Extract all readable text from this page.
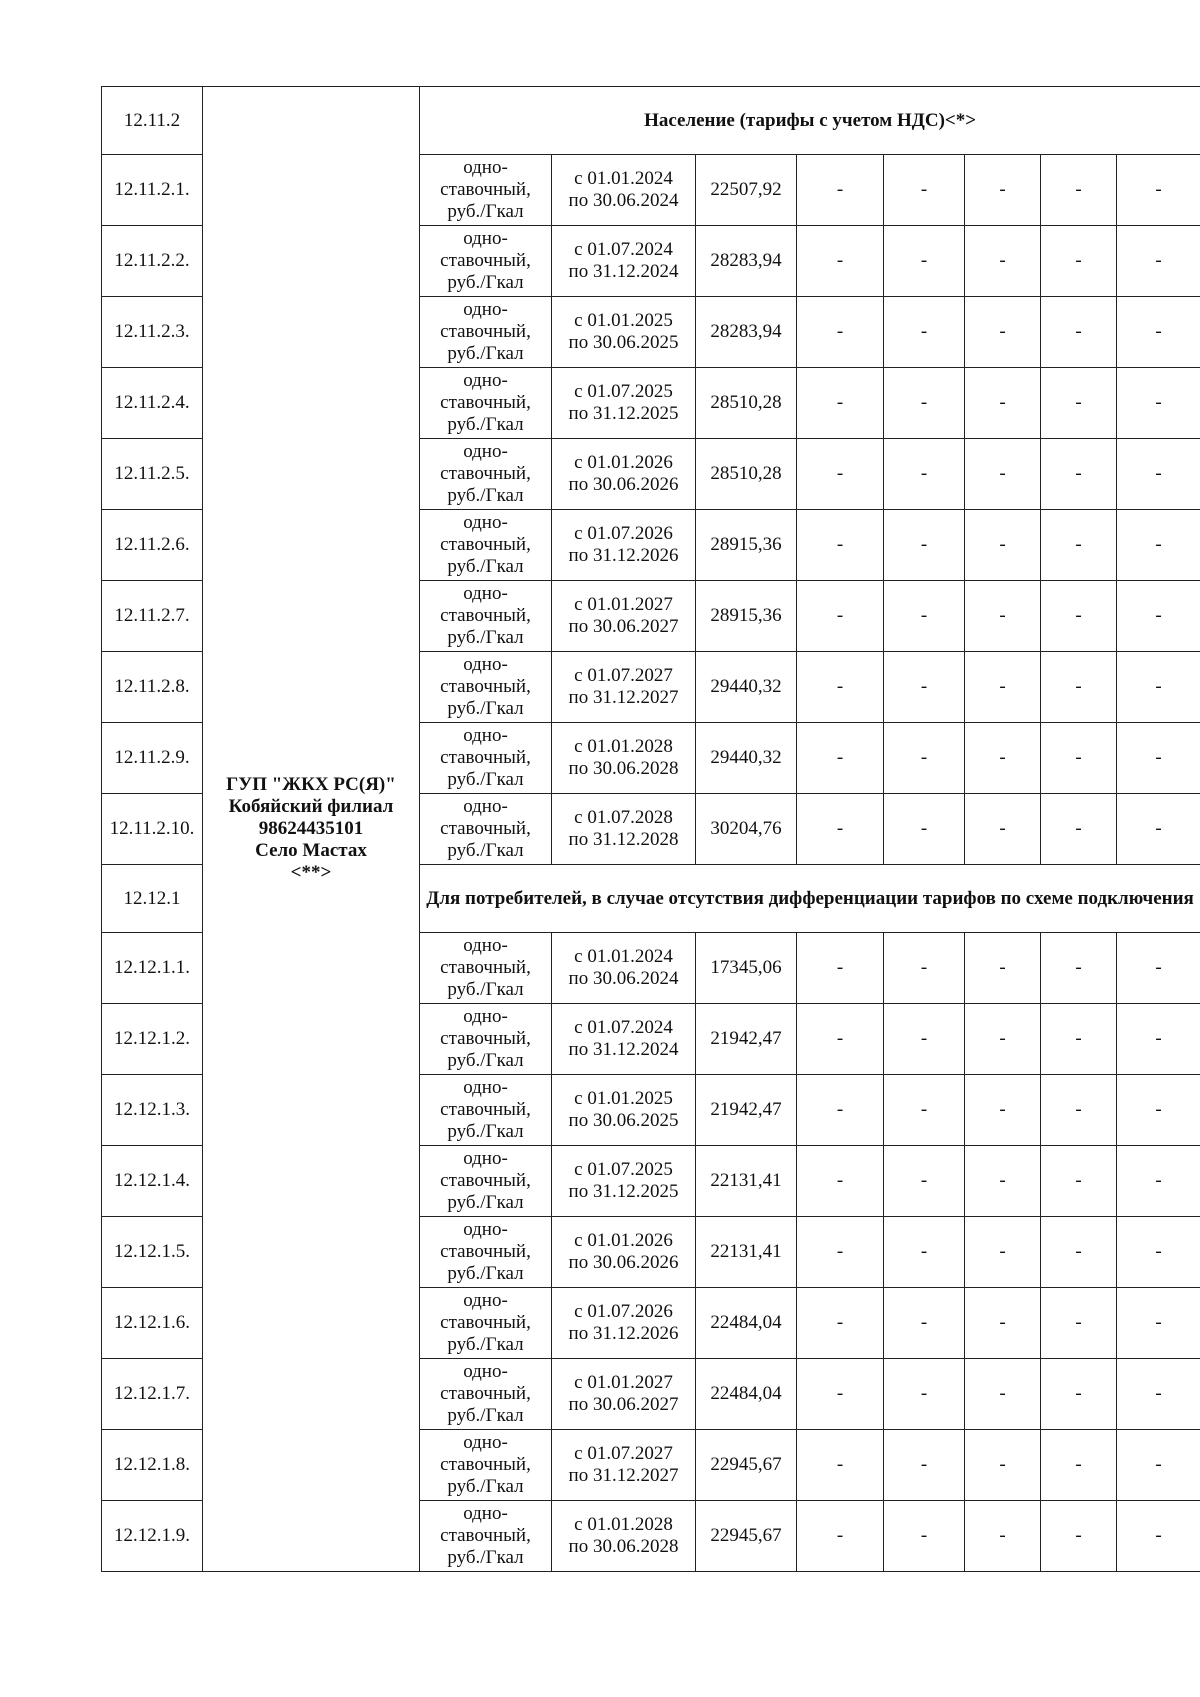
12.11.2	ГУП "ЖКХ РС(Я)"
Кобяйский филиал
98624435101
Село Мастах
<**>	Население (тарифы с учетом НДС)<*>							
12.11.2.1.		одно-ставочный, руб./Гкал	с 01.01.2024
по 30.06.2024	22507,92	-	-	-	-	-
12.11.2.2.		одно-ставочный, руб./Гкал	с 01.07.2024
по 31.12.2024	28283,94	-	-	-	-	-
12.11.2.3.		одно-ставочный, руб./Гкал	с 01.01.2025
по 30.06.2025	28283,94	-	-	-	-	-
12.11.2.4.		одно-ставочный, руб./Гкал	с 01.07.2025
по 31.12.2025	28510,28	-	-	-	-	-
12.11.2.5.		одно-ставочный, руб./Гкал	с 01.01.2026
по 30.06.2026	28510,28	-	-	-	-	-
12.11.2.6.		одно-ставочный, руб./Гкал	с 01.07.2026
по 31.12.2026	28915,36	-	-	-	-	-
12.11.2.7.		одно-ставочный, руб./Гкал	с 01.01.2027
по 30.06.2027	28915,36	-	-	-	-	-
12.11.2.8.		одно-ставочный, руб./Гкал	с 01.07.2027
по 31.12.2027	29440,32	-	-	-	-	-
12.11.2.9.		одно-ставочный, руб./Гкал	с 01.01.2028
по 30.06.2028	29440,32	-	-	-	-	-
12.11.2.10.		одно-ставочный, руб./Гкал	с 01.07.2028
по 31.12.2028	30204,76	-	-	-	-	-
12.12.1		Для потребителей, в случае отсутствия дифференциации тарифов по схеме подключения							
12.12.1.1.		одно-ставочный, руб./Гкал	с 01.01.2024
по 30.06.2024	17345,06	-	-	-	-	-
12.12.1.2.		одно-ставочный, руб./Гкал	с 01.07.2024
по 31.12.2024	21942,47	-	-	-	-	-
12.12.1.3.		одно-ставочный, руб./Гкал	с 01.01.2025
по 30.06.2025	21942,47	-	-	-	-	-
12.12.1.4.		одно-ставочный, руб./Гкал	с 01.07.2025
по 31.12.2025	22131,41	-	-	-	-	-
12.12.1.5.		одно-ставочный, руб./Гкал	с 01.01.2026
по 30.06.2026	22131,41	-	-	-	-	-
12.12.1.6.		одно-ставочный, руб./Гкал	с 01.07.2026
по 31.12.2026	22484,04	-	-	-	-	-
12.12.1.7.		одно-ставочный, руб./Гкал	с 01.01.2027
по 30.06.2027	22484,04	-	-	-	-	-
12.12.1.8.		одно-ставочный, руб./Гкал	с 01.07.2027
по 31.12.2027	22945,67	-	-	-	-	-
12.12.1.9.		одно-ставочный, руб./Гкал	с 01.01.2028
по 30.06.2028	22945,67	-	-	-	-	-
